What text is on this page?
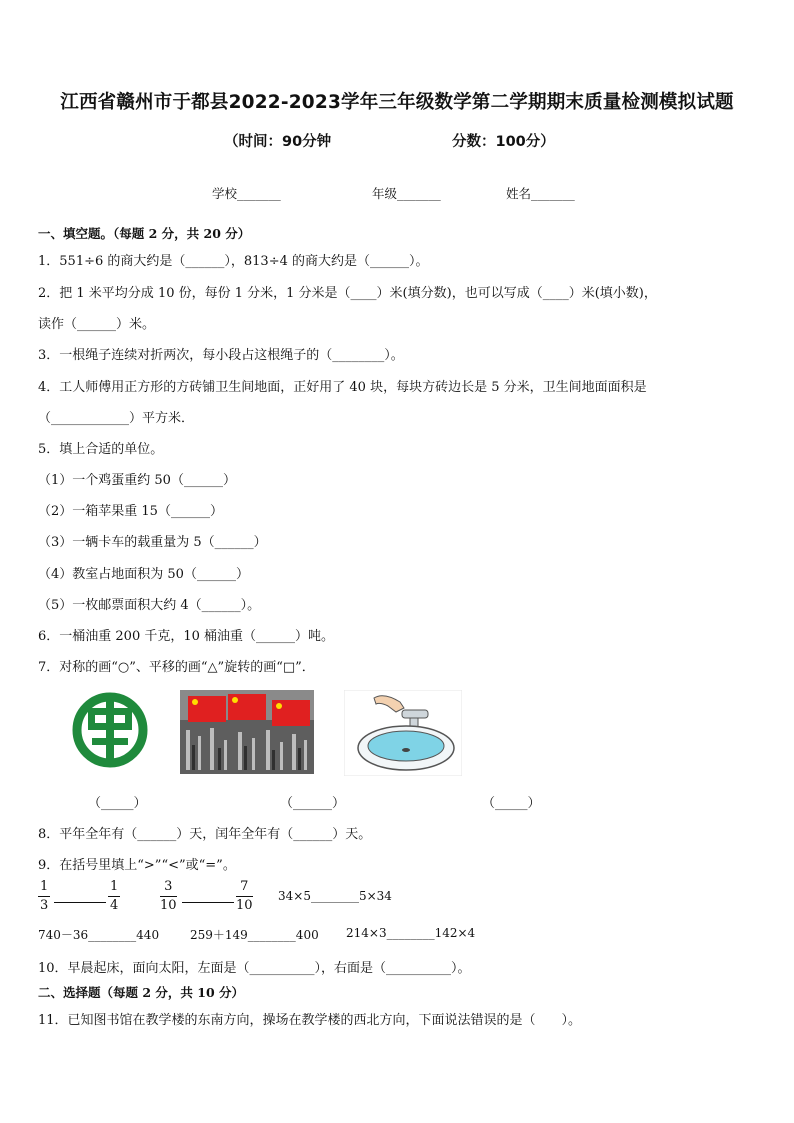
江西省赣州市于都县2022-2023学年三年级数学第二学期期末质量检测模拟试题
（时间：90分钟	分数：100分）
学校_______	年级_______	姓名_______
一、填空题。（每题 2 分，共 20 分）
1．551÷6 的商大约是（______），813÷4 的商大约是（______）。
2．把 1 米平均分成 10 份，每份 1 分米，1 分米是（____）米(填分数)，也可以写成（____）米(填小数)，
读作（______）米。
3．一根绳子连续对折两次，每小段占这根绳子的（________）。
4．工人师傅用正方形的方砖铺卫生间地面，正好用了 40 块，每块方砖边长是 5 分米，卫生间地面面积是
（____________）平方米．
5．填上合适的单位。
（1）一个鸡蛋重约 50（______）
（2）一箱苹果重 15（______）
（3）一辆卡车的载重量为 5（______）
（4）教室占地面积为 50（______）
（5）一枚邮票面积大约 4（______）。
6．一桶油重 200 千克，10 桶油重（______）吨。
7．对称的画“○”、平移的画“△”旋转的画“□”．
（_____）	（______）	（_____）
8．平年全年有（______）天，闰年全年有（______）天。
9．在括号里填上“>”“<”或“=”。
$\frac{1}{3}$	$\frac{1}{4}$	$\frac{3}{10}$	$\frac{7}{10}$ 34×5________5×34
740－36________440	259＋149________400 214×3________142×4
10．早晨起床，面向太阳，左面是（__________），右面是（__________）。
二、选择题（每题 2 分，共 10 分）
11．已知图书馆在教学楼的东南方向，操场在教学楼的西北方向，下面说法错误的是（　　）。
